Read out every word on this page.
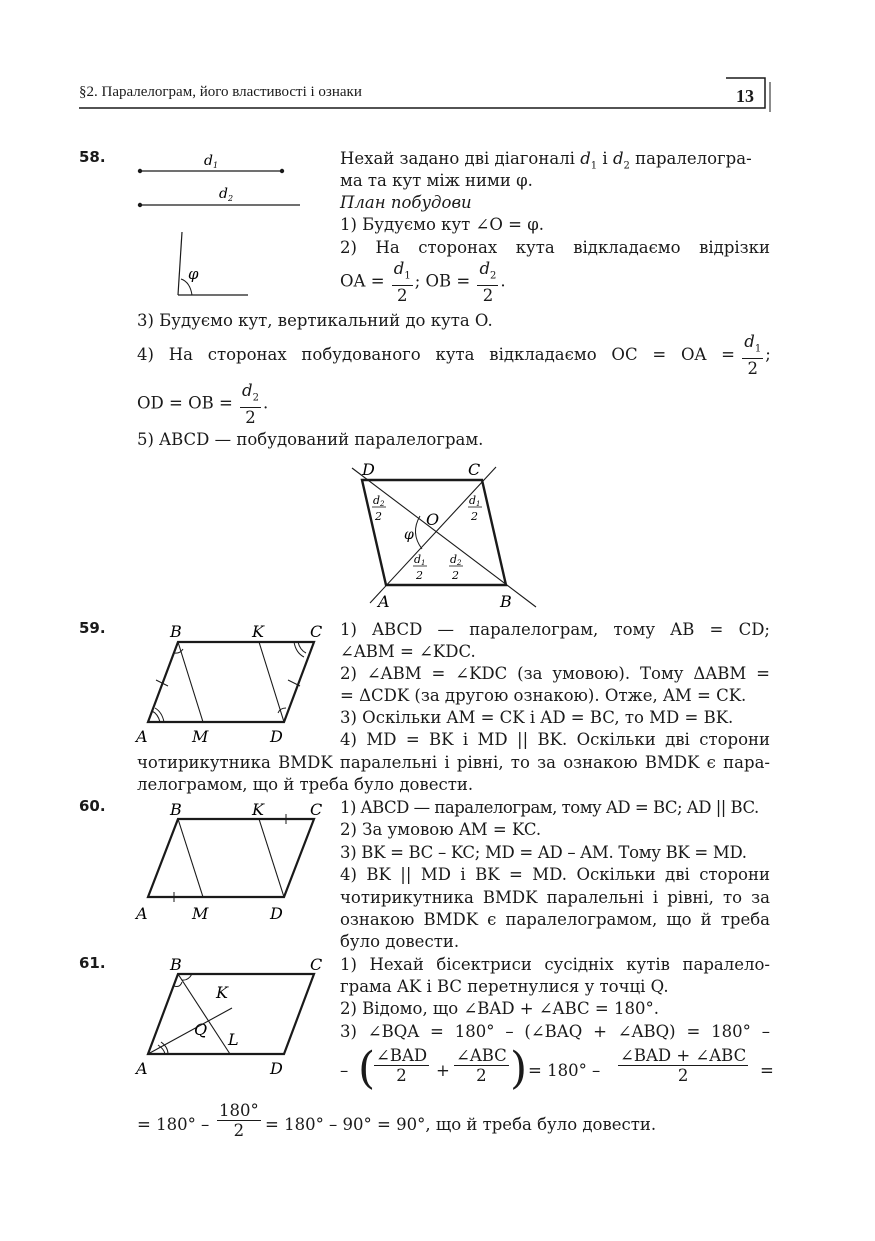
§2. Паралелограм, його властивості і ознаки	13
58.	$d_1$
$d_2$
φ
Нехай задано дві діагоналі $d_1$ і $d_2$ паралелогра-
ма та кут між ними φ.
План побудови
1) Будуємо кут ∠O = φ.
2) На сторонах кута відкладаємо відрізки
OA = $\frac{d_1}{2}$ ; OB = $\frac{d_2}{2}$ .
3) Будуємо кут, вертикальний до кута O.
4) На сторонах побудованого кута відкладаємо OC = OA = $\frac{d_1}{2}$ ;
OD = OB = $\frac{d_2}{2}$ .
5) ABCD — побудований паралелограм.
D	C
A	B
O
φ
d2
2
d1
2
d1
2
d2
2
59.	B	K	C
A	M	D
1) ABCD — паралелограм, тому AB = CD;
∠ABM = ∠KDC.
2) ∠ABM = ∠KDC (за умовою). Тому ΔABM =
= ΔCDK (за другою ознакою). Отже, AM = CK.
3) Оскільки AM = CK і AD = BC, то MD = BK.
4) MD = BK і MD || BK. Оскільки дві сторони
чотирикутника BMDK паралельні і рівні, то за ознакою BMDK є пара-
лелограмом, що й треба було довести.
60.	B	K	C
A	M	D
1) ABCD — паралелограм, тому AD = BC; AD || BC.
2) За умовою AM = KC.
3) BK = BC – KC; MD = AD – AM. Тому BK = MD.
4) BK || MD і BK = MD. Оскільки дві сторони
чотирикутника BMDK паралельні і рівні, то за
ознакою BMDK є паралелограмом, що й треба
було довести.
61.	B	C
K
Q
L
A	D
1) Нехай бісектриси сусідніх кутів паралело-
грама AK і BC перетнулися у точці Q.
2) Відомо, що ∠BAD + ∠ABC = 180°.
3) ∠BQA = 180° – (∠BAQ + ∠ABQ) = 180° –
– ( ∠BAD
2	+
∠ABC
2 ) = 180° –
∠BAD + ∠ABC
2	=
= $180^\circ - \frac{180^\circ}{2} = 180^\circ - 90^\circ = 90^\circ$, що й треба було довести.
